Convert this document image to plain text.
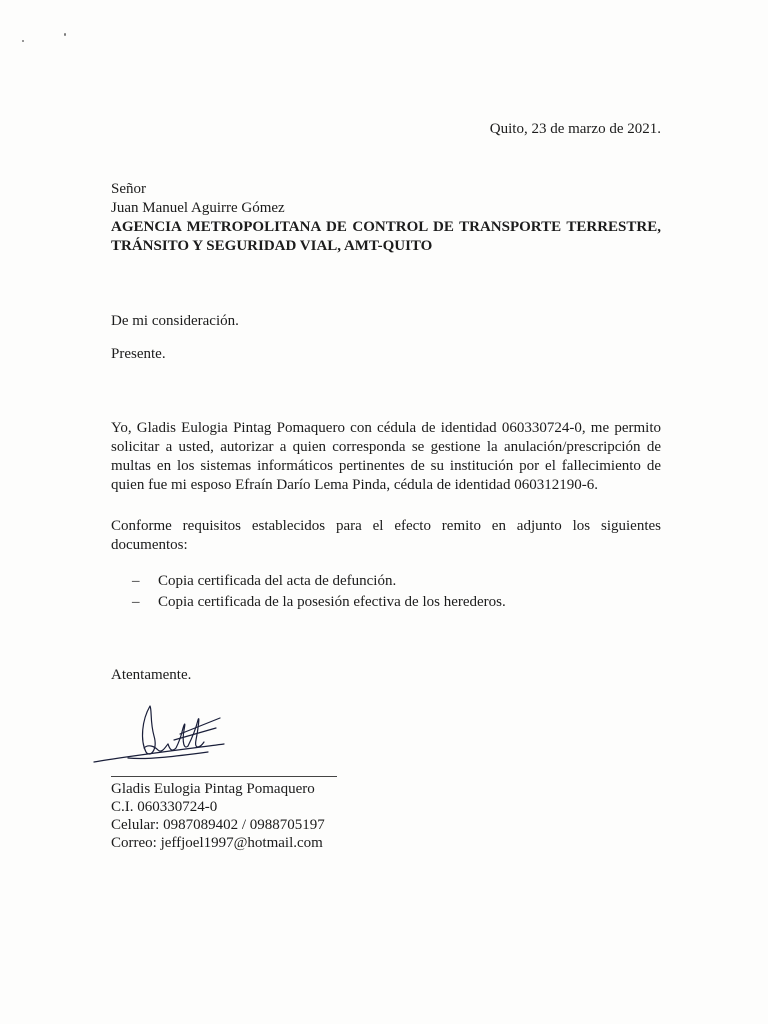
Quito, 23 de marzo de 2021.
Señor
Juan Manuel Aguirre Gómez
AGENCIA METROPOLITANA DE CONTROL DE TRANSPORTE TERRESTRE, TRÁNSITO Y SEGURIDAD VIAL, AMT-QUITO
De mi consideración.
Presente.
Yo, Gladis Eulogia Pintag Pomaquero con cédula de identidad 060330724-0, me permito solicitar a usted, autorizar a quien corresponda se gestione la anulación/prescripción de multas en los sistemas informáticos pertinentes de su institución por el fallecimiento de quien fue mi esposo Efraín Darío Lema Pinda, cédula de identidad 060312190-6.
Conforme requisitos establecidos para el efecto remito en adjunto los siguientes documentos:
– Copia certificada del acta de defunción.
– Copia certificada de la posesión efectiva de los herederos.
Atentamente.
Gladis Eulogia Pintag Pomaquero
C.I. 060330724-0
Celular: 0987089402 / 0988705197
Correo: jeffjoel1997@hotmail.com
